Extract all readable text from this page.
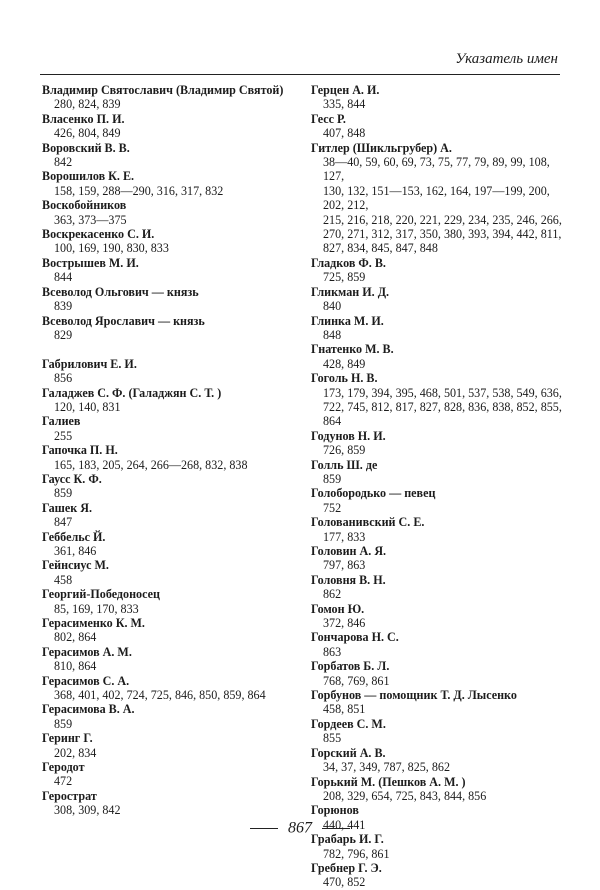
Указатель имен
Владимир Святославич (Владимир Святой)
280, 824, 839
Власенко П. И.
426, 804, 849
Воровский В. В.
842
Ворошилов К. Е.
158, 159, 288—290, 316, 317, 832
Воскобойников
363, 373—375
Воскрекасенко С. И.
100, 169, 190, 830, 833
Вострышев М. И.
844
Всеволод Ольгович — князь
839
Всеволод Ярославич — князь
829
Габрилович Е. И.
856
Галаджев С. Ф. (Галаджян С. Т. )
120, 140, 831
Галиев
255
Гапочка П. Н.
165, 183, 205, 264, 266—268, 832, 838
Гаусс К. Ф.
859
Гашек Я.
847
Геббельс Й.
361, 846
Гейнсиус М.
458
Георгий-Победоносец
85, 169, 170, 833
Герасименко К. М.
802, 864
Герасимов А. М.
810, 864
Герасимов С. А.
368, 401, 402, 724, 725, 846, 850, 859, 864
Герасимова В. А.
859
Геринг Г.
202, 834
Геродот
472
Герострат
308, 309, 842
Герцен А. И.
335, 844
Гесс Р.
407, 848
Гитлер (Шикльгрубер) А.
38—40, 59, 60, 69, 73, 75, 77, 79, 89, 99, 108, 127,
130, 132, 151—153, 162, 164, 197—199, 200, 202, 212,
215, 216, 218, 220, 221, 229, 234, 235, 246, 266,
270, 271, 312, 317, 350, 380, 393, 394, 442, 811,
827, 834, 845, 847, 848
Гладков Ф. В.
725, 859
Гликман И. Д.
840
Глинка М. И.
848
Гнатенко М. В.
428, 849
Гоголь Н. В.
173, 179, 394, 395, 468, 501, 537, 538, 549, 636,
722, 745, 812, 817, 827, 828, 836, 838, 852, 855, 864
Годунов Н. И.
726, 859
Голль Ш. де
859
Голобородько — певец
752
Голованивский С. Е.
177, 833
Головин А. Я.
797, 863
Головня В. Н.
862
Гомон Ю.
372, 846
Гончарова Н. С.
863
Горбатов Б. Л.
768, 769, 861
Горбунов — помощник Т. Д. Лысенко
458, 851
Гордеев С. М.
855
Горский А. В.
34, 37, 349, 787, 825, 862
Горький М. (Пешков А. М. )
208, 329, 654, 725, 843, 844, 856
Горюнов
440, 441
Грабарь И. Г.
782, 796, 861
Гребнер Г. Э.
470, 852
867
